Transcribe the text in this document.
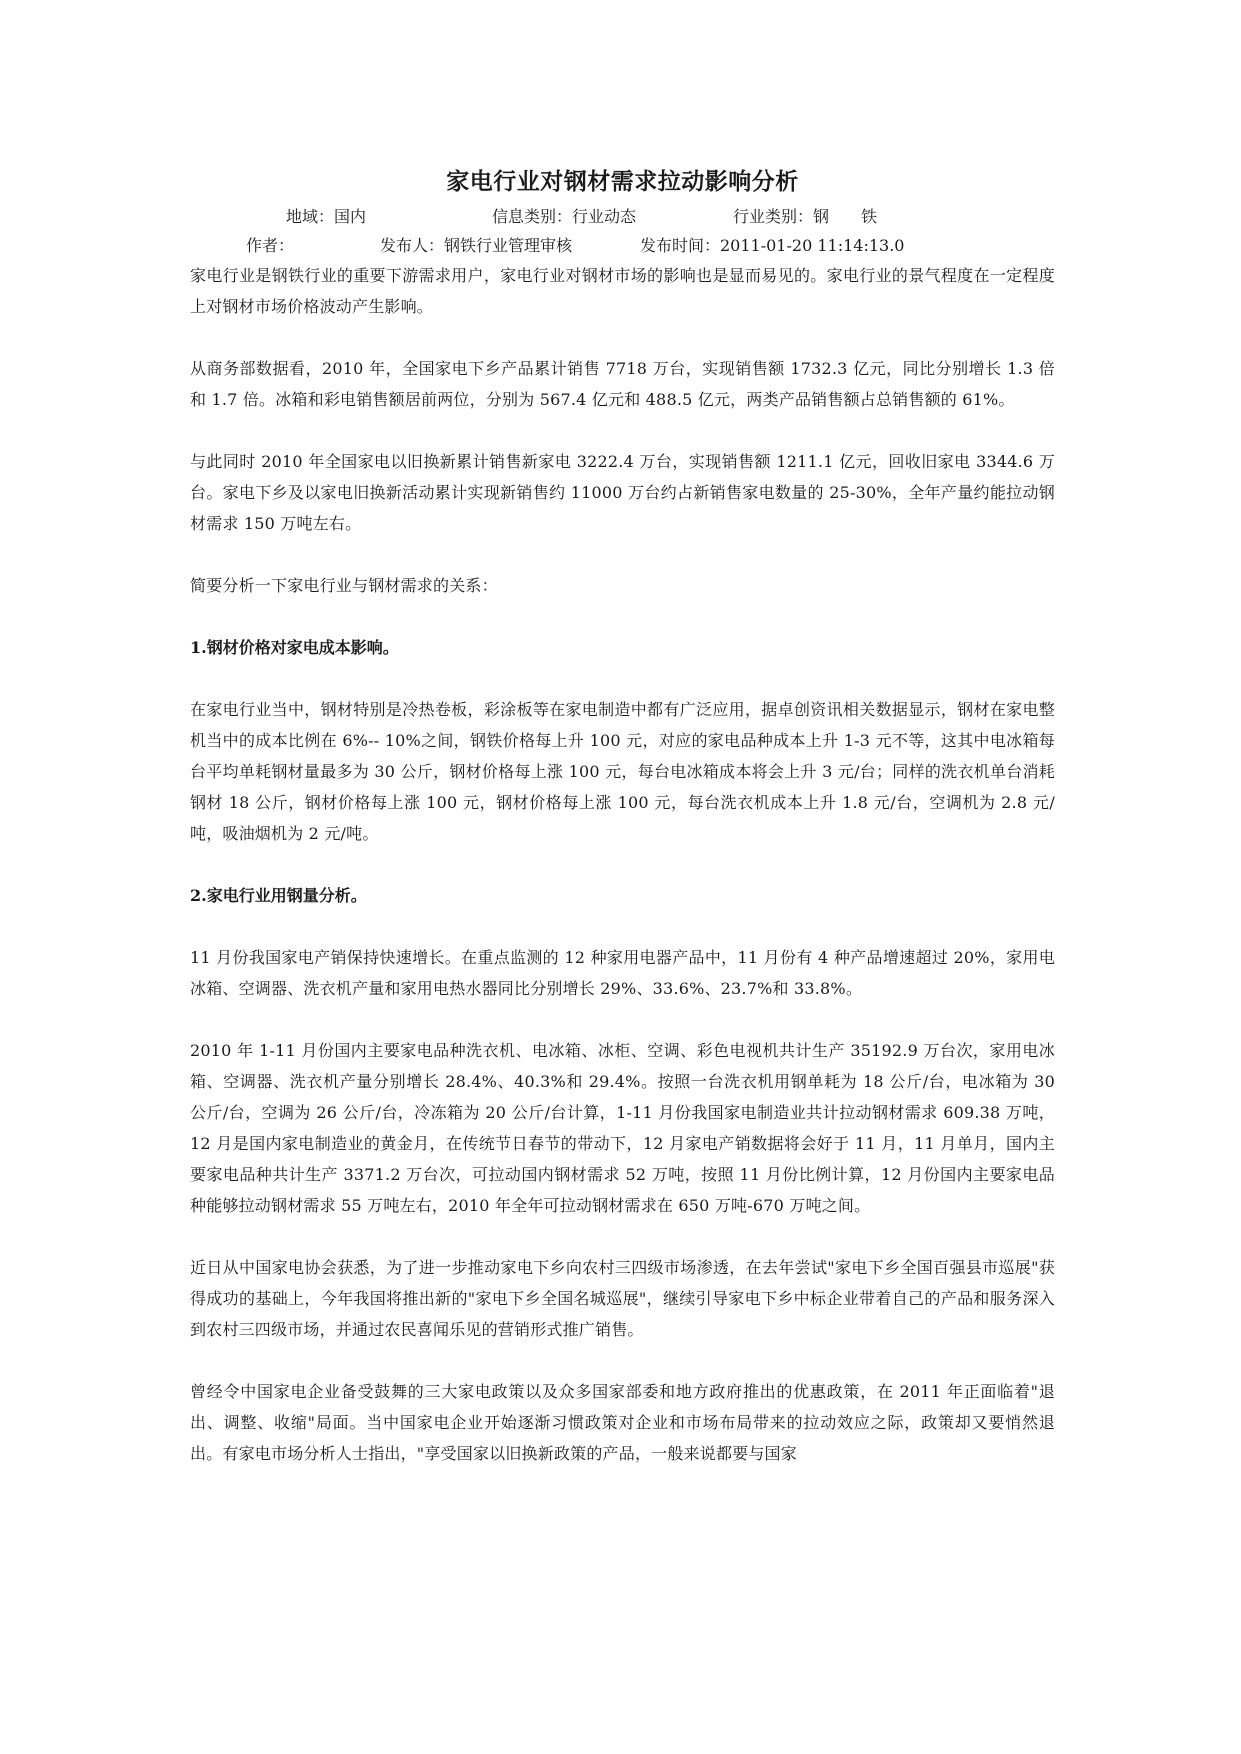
家电行业对钢材需求拉动影响分析
地域：国内	信息类别：行业动态	行业类别：钢　　铁
作者：	发布人：钢铁行业管理审核	发布时间：2011-01-20 11:14:13.0

家电行业是钢铁行业的重要下游需求用户，家电行业对钢材市场的影响也是显而易见的。家电行业的景气程度在一定程度上对钢材市场价格波动产生影响。

从商务部数据看，2010 年，全国家电下乡产品累计销售 7718 万台，实现销售额 1732.3 亿元，同比分别增长 1.3 倍和 1.7 倍。冰箱和彩电销售额居前两位，分别为 567.4 亿元和 488.5 亿元，两类产品销售额占总销售额的 61%。

与此同时 2010 年全国家电以旧换新累计销售新家电 3222.4 万台，实现销售额 1211.1 亿元，回收旧家电 3344.6 万台。家电下乡及以家电旧换新活动累计实现新销售约 11000 万台约占新销售家电数量的 25-30%，全年产量约能拉动钢材需求 150 万吨左右。

简要分析一下家电行业与钢材需求的关系：

1.钢材价格对家电成本影响。

在家电行业当中，钢材特别是冷热卷板，彩涂板等在家电制造中都有广泛应用，据卓创资讯相关数据显示，钢材在家电整机当中的成本比例在 6%-- 10%之间，钢铁价格每上升 100 元，对应的家电品种成本上升 1-3 元不等，这其中电冰箱每台平均单耗钢材量最多为 30 公斤，钢材价格每上涨 100 元，每台电冰箱成本将会上升 3 元/台；同样的洗衣机单台消耗钢材 18 公斤，钢材价格每上涨 100 元，钢材价格每上涨 100 元，每台洗衣机成本上升 1.8 元/台，空调机为 2.8 元/吨，吸油烟机为 2 元/吨。

2.家电行业用钢量分析。

11 月份我国家电产销保持快速增长。在重点监测的 12 种家用电器产品中，11 月份有 4 种产品增速超过 20%，家用电冰箱、空调器、洗衣机产量和家用电热水器同比分别增长 29%、33.6%、23.7%和 33.8%。

2010 年 1-11 月份国内主要家电品种洗衣机、电冰箱、冰柜、空调、彩色电视机共计生产 35192.9 万台次，家用电冰箱、空调器、洗衣机产量分别增长 28.4%、40.3%和 29.4%。按照一台洗衣机用钢单耗为 18 公斤/台，电冰箱为 30 公斤/台，空调为 26 公斤/台，冷冻箱为 20 公斤/台计算，1-11 月份我国家电制造业共计拉动钢材需求 609.38 万吨，12 月是国内家电制造业的黄金月，在传统节日春节的带动下，12 月家电产销数据将会好于 11 月，11 月单月，国内主要家电品种共计生产 3371.2 万台次，可拉动国内钢材需求 52 万吨，按照 11 月份比例计算，12 月份国内主要家电品种能够拉动钢材需求 55 万吨左右，2010 年全年可拉动钢材需求在 650 万吨-670 万吨之间。

近日从中国家电协会获悉，为了进一步推动家电下乡向农村三四级市场渗透，在去年尝试"家电下乡全国百强县市巡展"获得成功的基础上，今年我国将推出新的"家电下乡全国名城巡展"，继续引导家电下乡中标企业带着自己的产品和服务深入到农村三四级市场，并通过农民喜闻乐见的营销形式推广销售。

曾经令中国家电企业备受鼓舞的三大家电政策以及众多国家部委和地方政府推出的优惠政策，在 2011 年正面临着"退出、调整、收缩"局面。当中国家电企业开始逐渐习惯政策对企业和市场布局带来的拉动效应之际，政策却又要悄然退出。有家电市场分析人士指出，"享受国家以旧换新政策的产品，一般来说都要与国家
